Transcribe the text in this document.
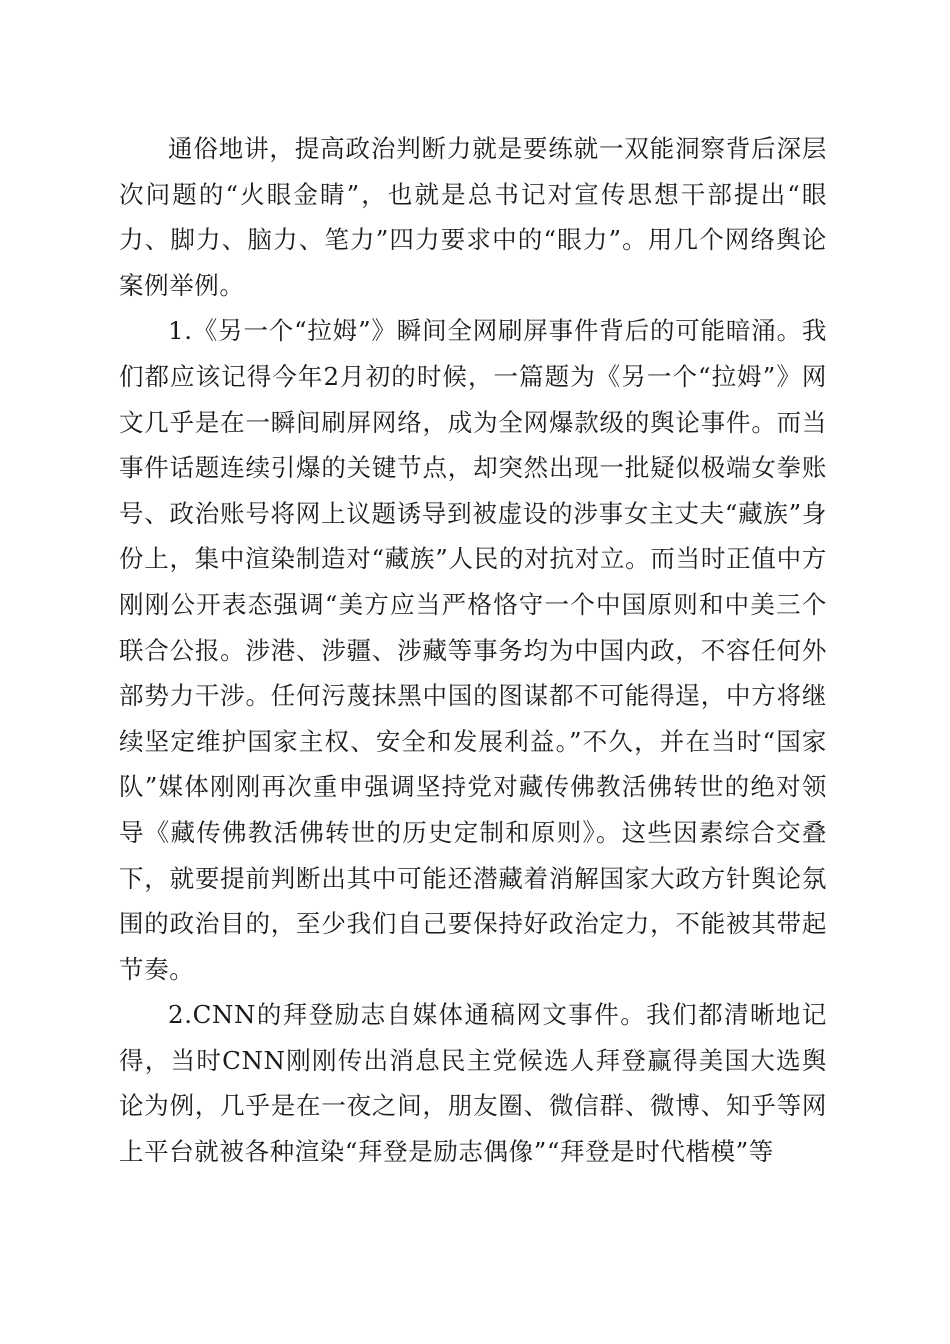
通俗地讲，提高政治判断力就是要练就一双能洞察背后深层次问题的“火眼金睛”，也就是总书记对宣传思想干部提出“眼力、脚力、脑力、笔力”四力要求中的“眼力”。用几个网络舆论案例举例。

1.《另一个“拉姆”》瞬间全网刷屏事件背后的可能暗涌。我们都应该记得今年2月初的时候，一篇题为《另一个“拉姆”》网文几乎是在一瞬间刷屏网络，成为全网爆款级的舆论事件。而当事件话题连续引爆的关键节点，却突然出现一批疑似极端女拳账号、政治账号将网上议题诱导到被虚设的涉事女主丈夫“藏族”身份上，集中渲染制造对“藏族”人民的对抗对立。而当时正值中方刚刚公开表态强调“美方应当严格恪守一个中国原则和中美三个联合公报。涉港、涉疆、涉藏等事务均为中国内政，不容任何外部势力干涉。任何污蔑抹黑中国的图谋都不可能得逞，中方将继续坚定维护国家主权、安全和发展利益。”不久，并在当时“国家队”媒体刚刚再次重申强调坚持党对藏传佛教活佛转世的绝对领导《藏传佛教活佛转世的历史定制和原则》。这些因素综合交叠下，就要提前判断出其中可能还潜藏着消解国家大政方针舆论氛围的政治目的，至少我们自己要保持好政治定力，不能被其带起节奏。

2.CNN的拜登励志自媒体通稿网文事件。我们都清晰地记得，当时CNN刚刚传出消息民主党候选人拜登赢得美国大选舆论为例，几乎是在一夜之间，朋友圈、微信群、微博、知乎等网上平台就被各种渲染“拜登是励志偶像”“拜登是时代楷模”等
